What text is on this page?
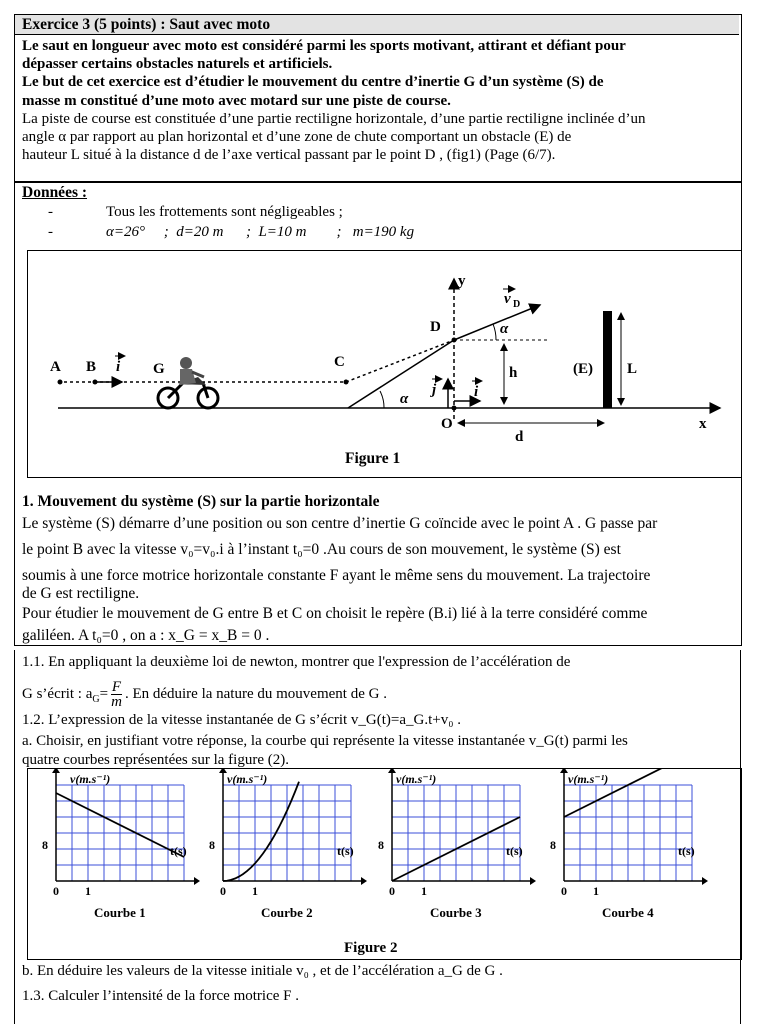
Exercice 3 (5 points) : Saut avec moto
Le saut en longueur avec moto est considéré parmi les sports motivant, attirant et défiant pour
dépasser certains obstacles naturels et artificiels.
Le but de cet exercice est d’étudier le mouvement du centre d’inertie G d’un système (S) de
masse m constitué d’une moto avec motard sur une piste de course.
La piste de course est constituée d’une partie rectiligne horizontale, d’une partie rectiligne inclinée d’un
angle α par rapport au plan horizontal et d’une zone de chute comportant un obstacle (E) de
hauteur L situé à la distance d de l’axe vertical passant par le point D , (fig1) (Page (6/7).
Données :
-	Tous les frottements sont négligeables ;
-	α=26°     ;  d=20 m      ;  L=10 m        ;   m=190 kg
α
A B i G	C
y
D
v D
α
h
j	i
O
d
(E) L
x
Figure 1
1. Mouvement du système (S) sur la partie horizontale
Le système (S) démarre d’une position ou son centre d’inertie G coïncide avec le point A . G passe par
le point B avec la vitesse v₀=v₀.i à l’instant t₀=0 .Au cours de son mouvement, le système (S) est
soumis à une force motrice horizontale constante F ayant le même sens du mouvement. La trajectoire
de G est rectiligne.
Pour étudier le mouvement de G entre B et C on choisit le repère (B.i) lié à la terre considéré comme
galiléen. A t₀=0 , on a : x_G = x_B = 0 .
1.1. En appliquant la deuxième loi de newton, montrer que l'expression de l’accélération de
G s’écrit : $a_G= \frac{F}{m}$ . En déduire la nature du mouvement de G .
1.2. L’expression de la vitesse instantanée de G s’écrit v_G(t)=a_G.t+v₀ .
a. Choisir, en justifiant votre réponse, la courbe qui représente la vitesse instantanée v_G(t) parmi les
quatre courbes représentées sur la figure (2).
v(m.s⁻¹)
t(s)
8
0 1
Courbe 1
v(m.s⁻¹)
t(s)
8
0 1
Courbe 2
v(m.s⁻¹)
t(s)
8
0 1
Courbe 3
v(m.s⁻¹)
t(s)
8
0 1
Courbe 4
Figure 2
b. En déduire les valeurs de la vitesse initiale v₀ , et de l’accélération a_G de G .
1.3. Calculer l’intensité de la force motrice F .
